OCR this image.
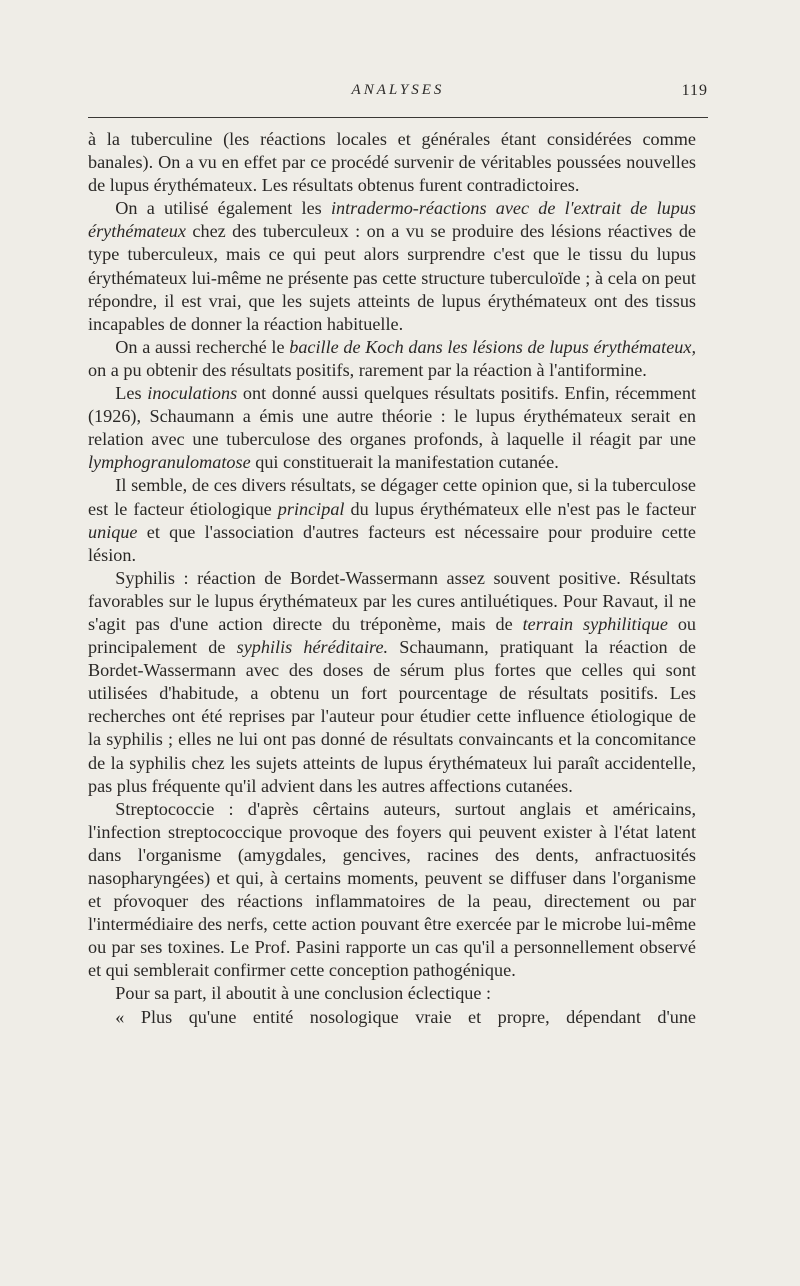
ANALYSES	119

à la tuberculine (les réactions locales et générales étant considérées comme banales). On a vu en effet par ce procédé survenir de véritables poussées nouvelles de lupus érythémateux. Les résultats obtenus furent contradictoires.

On a utilisé également les intradermo-réactions avec de l'extrait de lupus érythémateux chez des tuberculeux : on a vu se produire des lésions réactives de type tuberculeux, mais ce qui peut alors surprendre c'est que le tissu du lupus érythémateux lui-même ne présente pas cette structure tuberculoïde ; à cela on peut répondre, il est vrai, que les sujets atteints de lupus érythémateux ont des tissus incapables de donner la réaction habituelle.

On a aussi recherché le bacille de Koch dans les lésions de lupus érythémateux, on a pu obtenir des résultats positifs, rarement par la réaction à l'antiformine.

Les inoculations ont donné aussi quelques résultats positifs. Enfin, récemment (1926), Schaumann a émis une autre théorie : le lupus érythémateux serait en relation avec une tuberculose des organes profonds, à laquelle il réagit par une lymphogranulomatose qui constituerait la manifestation cutanée.

Il semble, de ces divers résultats, se dégager cette opinion que, si la tuberculose est le facteur étiologique principal du lupus érythémateux elle n'est pas le facteur unique et que l'association d'autres facteurs est nécessaire pour produire cette lésion.

Syphilis : réaction de Bordet-Wassermann assez souvent positive. Résultats favorables sur le lupus érythémateux par les cures antiluétiques. Pour Ravaut, il ne s'agit pas d'une action directe du tréponème, mais de terrain syphilitique ou principalement de syphilis héréditaire. Schaumann, pratiquant la réaction de Bordet-Wassermann avec des doses de sérum plus fortes que celles qui sont utilisées d'habitude, a obtenu un fort pourcentage de résultats positifs. Les recherches ont été reprises par l'auteur pour étudier cette influence étiologique de la syphilis ; elles ne lui ont pas donné de résultats convaincants et la concomitance de la syphilis chez les sujets atteints de lupus érythémateux lui paraît accidentelle, pas plus fréquente qu'il advient dans les autres affections cutanées.

Streptococcie : d'après cêrtains auteurs, surtout anglais et américains, l'infection streptococcique provoque des foyers qui peuvent exister à l'état latent dans l'organisme (amygdales, gencives, racines des dents, anfractuosités nasopharyngées) et qui, à certains moments, peuvent se diffuser dans l'organisme et pŕovoquer des réactions inflammatoires de la peau, directement ou par l'intermédiaire des nerfs, cette action pouvant être exercée par le microbe lui-même ou par ses toxines. Le Prof. Pasini rapporte un cas qu'il a personnellement observé et qui semblerait confirmer cette conception pathogénique.

Pour sa part, il aboutit à une conclusion éclectique :

« Plus qu'une entité nosologique vraie et propre, dépendant d'une
